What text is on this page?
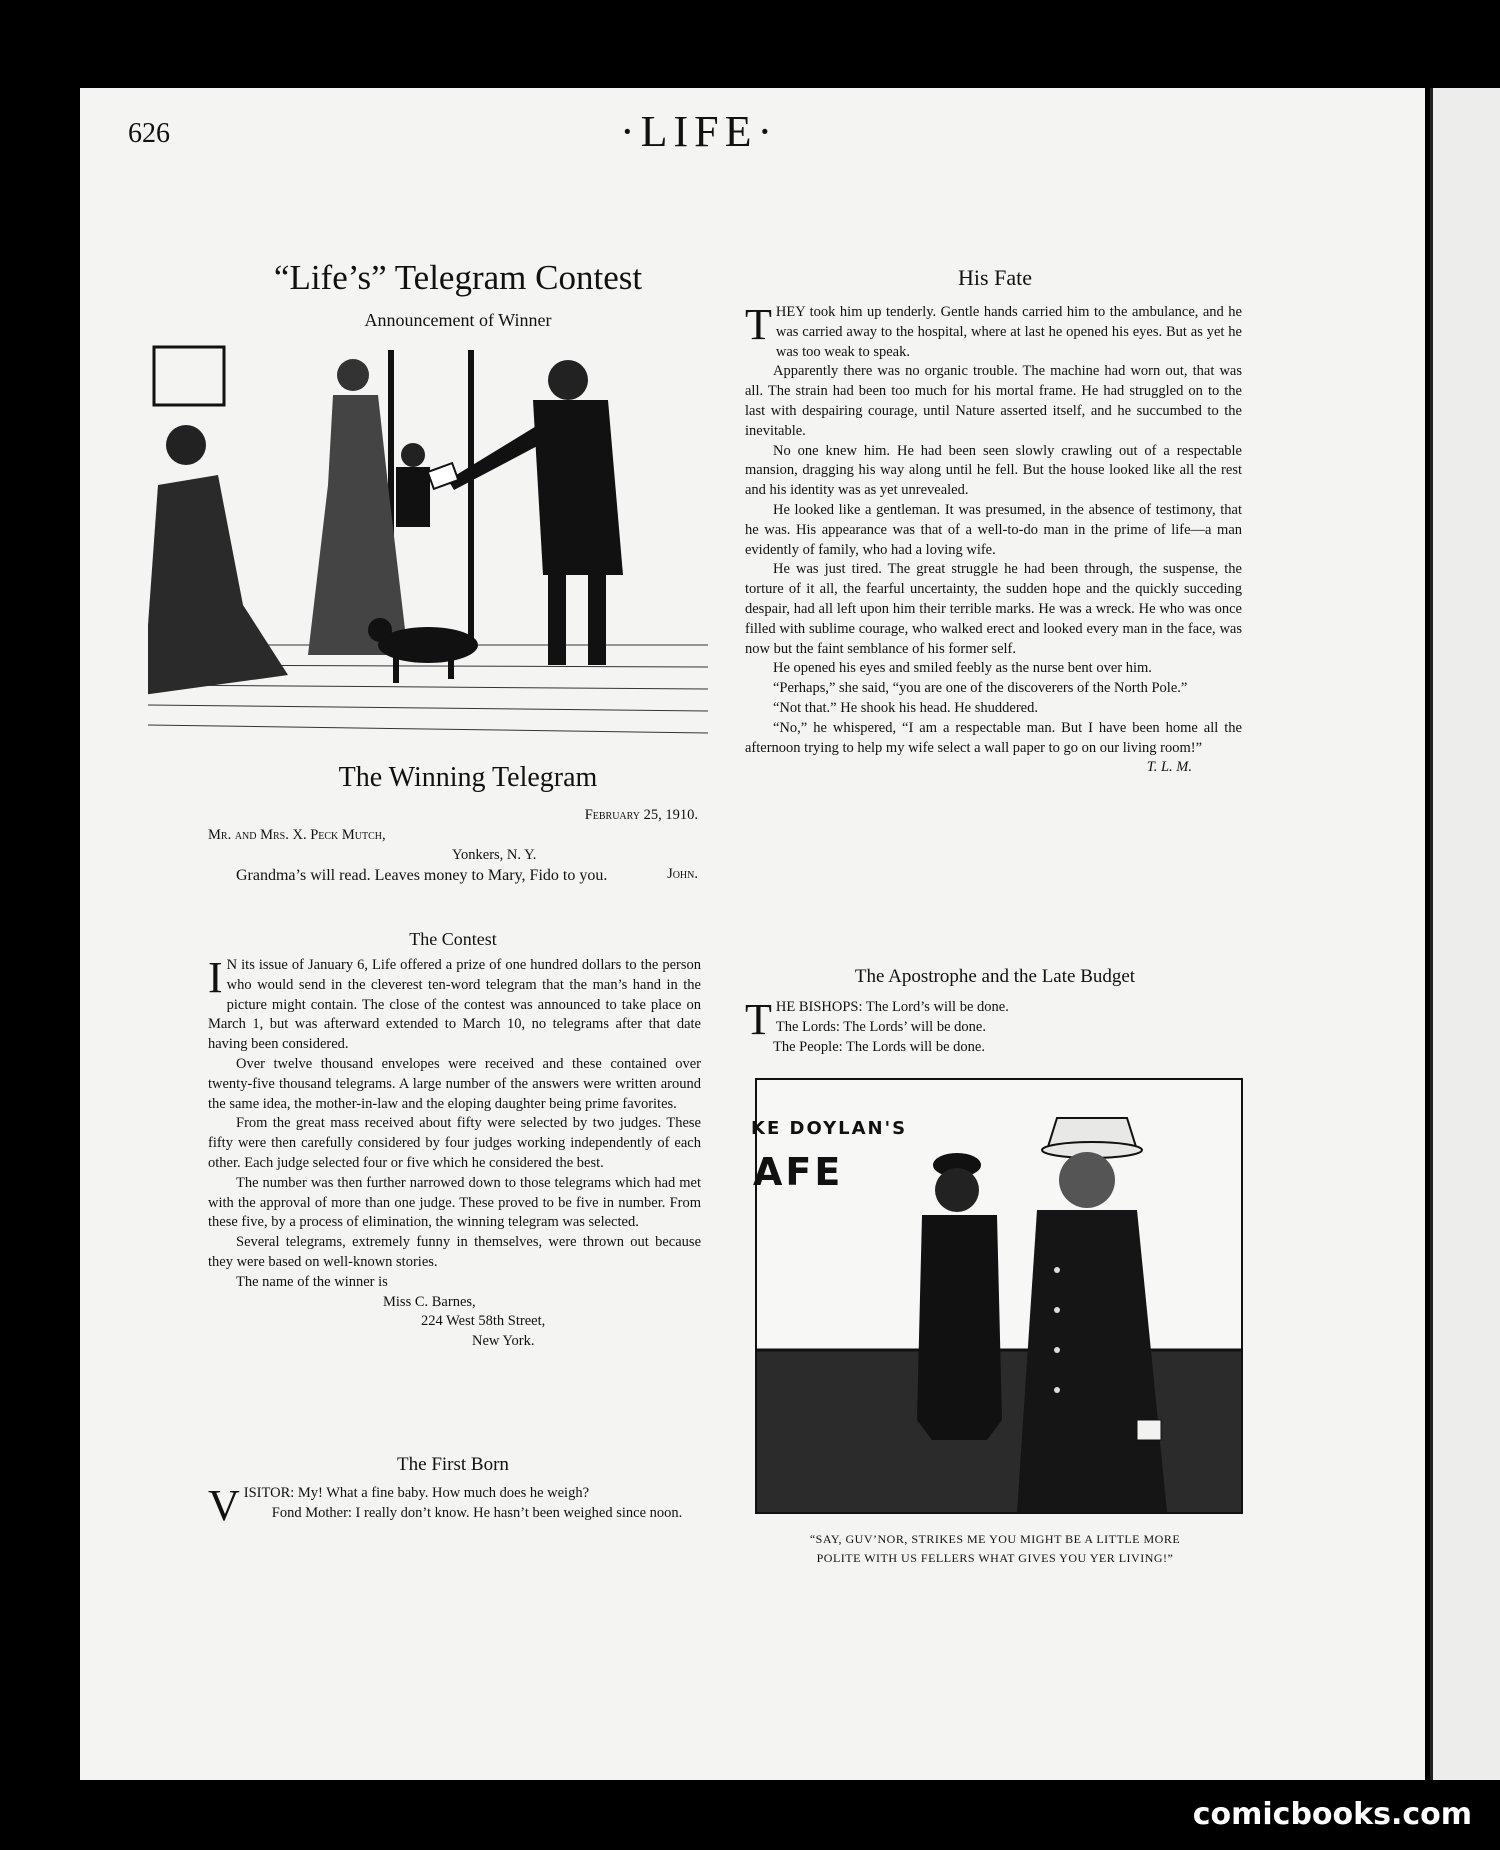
626	·LIFE·
“Life’s” Telegram Contest
Announcement of Winner
The Winning Telegram
February 25, 1910.
Mr. and Mrs. X. Peck Mutch,
Yonkers, N. Y.

Grandma’s will read. Leaves money to Mary, Fido to you.	John.
The Contest

I N its issue of January 6, Life offered a prize of one hundred dollars to the person who would send in the cleverest ten-word telegram that the man’s hand in the picture might contain. The close of the contest was announced to take place on March 1, but was afterward extended to March 10, no telegrams after that date having been considered.

Over twelve thousand envelopes were received and these contained over twenty-five thousand telegrams. A large number of the answers were written around the same idea, the mother-in-law and the eloping daughter being prime favorites.

From the great mass received about fifty were selected by two judges. These fifty were then carefully considered by four judges working independently of each other. Each judge selected four or five which he considered the best.

The number was then further narrowed down to those telegrams which had met with the approval of more than one judge. These proved to be five in number. From these five, by a process of elimination, the winning telegram was selected.

Several telegrams, extremely funny in themselves, were thrown out because they were based on well-known stories.

The name of the winner is

Miss C. Barnes,
224 West 58th Street,
New York.
The First Born

VISITOR: My! What a fine baby. How much does he weigh?

Fond Mother: I really don’t know. He hasn’t been weighed since noon.

His Fate

THEY took him up tenderly. Gentle hands carried him to the ambulance, and he was carried away to the hospital, where at last he opened his eyes. But as yet he was too weak to speak.

Apparently there was no organic trouble. The machine had worn out, that was all. The strain had been too much for his mortal frame. He had struggled on to the last with despairing courage, until Nature asserted itself, and he succumbed to the inevitable.

No one knew him. He had been seen slowly crawling out of a respectable mansion, dragging his way along until he fell. But the house looked like all the rest and his identity was as yet unrevealed.

He looked like a gentleman. It was presumed, in the absence of testimony, that he was. His appearance was that of a well-to-do man in the prime of life—a man evidently of family, who had a loving wife.

He was just tired. The great struggle he had been through, the suspense, the torture of it all, the fearful uncertainty, the sudden hope and the quickly succeding despair, had all left upon him their terrible marks. He was a wreck. He who was once filled with sublime courage, who walked erect and looked every man in the face, was now but the faint semblance of his former self.

He opened his eyes and smiled feebly as the nurse bent over him.

“Perhaps,” she said, “you are one of the discoverers of the North Pole.”

“Not that.” He shook his head. He shuddered.

“No,” he whispered, “I am a respectable man. But I have been home all the afternoon trying to help my wife select a wall paper to go on our living room!”

T. L. M.
The Apostrophe and the Late Budget
THE BISHOPS: The Lord’s will be done.
The Lords: The Lords’ will be done.
The People: The Lords will be done.
KE DOYLAN'S
AFE
“SAY, GUV’NOR, STRIKES ME YOU MIGHT BE A LITTLE MORE
POLITE WITH US FELLERS WHAT GIVES YOU YER LIVING!”
comicbooks.com
